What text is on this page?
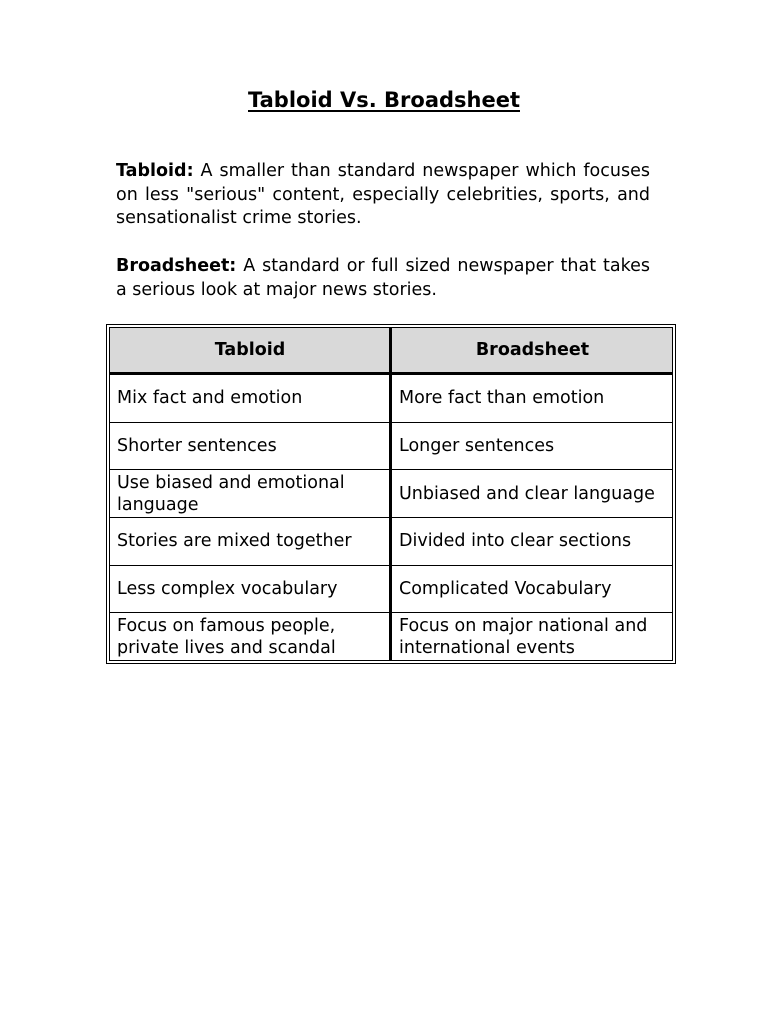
Tabloid Vs. Broadsheet

Tabloid: A smaller than standard newspaper which focuses on less "serious" content, especially celebrities, sports, and sensationalist crime stories.

Broadsheet: A standard or full sized newspaper that takes a serious look at major news stories.

Tabloid	Broadsheet
Mix fact and emotion	More fact than emotion
Shorter sentences	Longer sentences
Use biased and emotional language	Unbiased and clear language
Stories are mixed together	Divided into clear sections
Less complex vocabulary	Complicated Vocabulary
Focus on famous people, private lives and scandal	Focus on major national and international events
